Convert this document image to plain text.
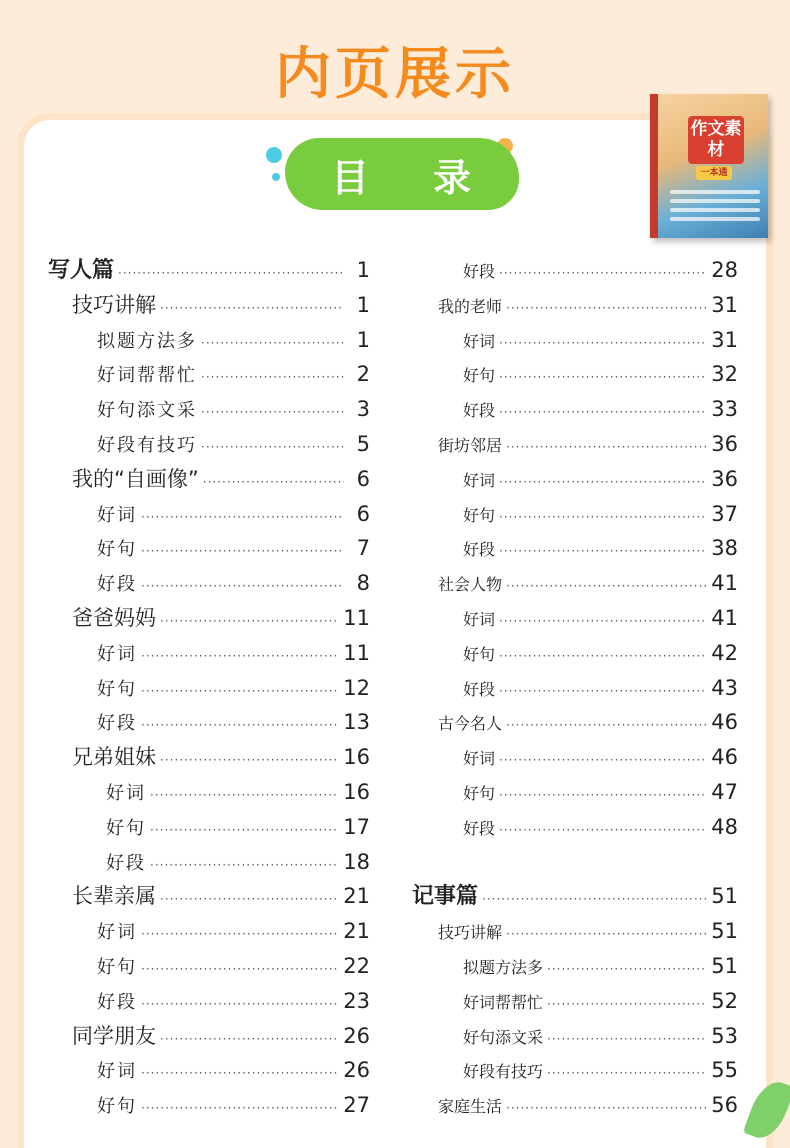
内页展示
目 录
作文素材
一本通
写人篇 ·····	1
技巧讲解 ·····	1
拟题方法多 ·····	1
好词帮帮忙 ·····	2
好句添文采 ·····	3
好段有技巧 ·····	5
我的“自画像” ·····	6
好词 ·····	6
好句 ·····	7
好段 ·····	8
爸爸妈妈 ·····	11
好词 ·····	11
好句 ·····	12
好段 ·····	13
兄弟姐妹 ·····	16
好词 ·····	16
好句 ·····	17
好段 ·····	18
长辈亲属 ·····	21
好词 ·····	21
好句 ·····	22
好段 ·····	23
同学朋友 ·····	26
好词 ·····	26
好句 ·····	27
好段 ·····	28
我的老师 ·····	31
好词 ·····	31
好句 ·····	32
好段 ·····	33
街坊邻居 ·····	36
好词 ·····	36
好句 ·····	37
好段 ·····	38
社会人物 ·····	41
好词 ·····	41
好句 ·····	42
好段 ·····	43
古今名人 ·····	46
好词 ·····	46
好句 ·····	47
好段 ·····	48
记事篇 ·····	51
技巧讲解 ·····	51
拟题方法多 ·····	51
好词帮帮忙 ·····	52
好句添文采 ·····	53
好段有技巧 ·····	55
家庭生活 ·····	56
